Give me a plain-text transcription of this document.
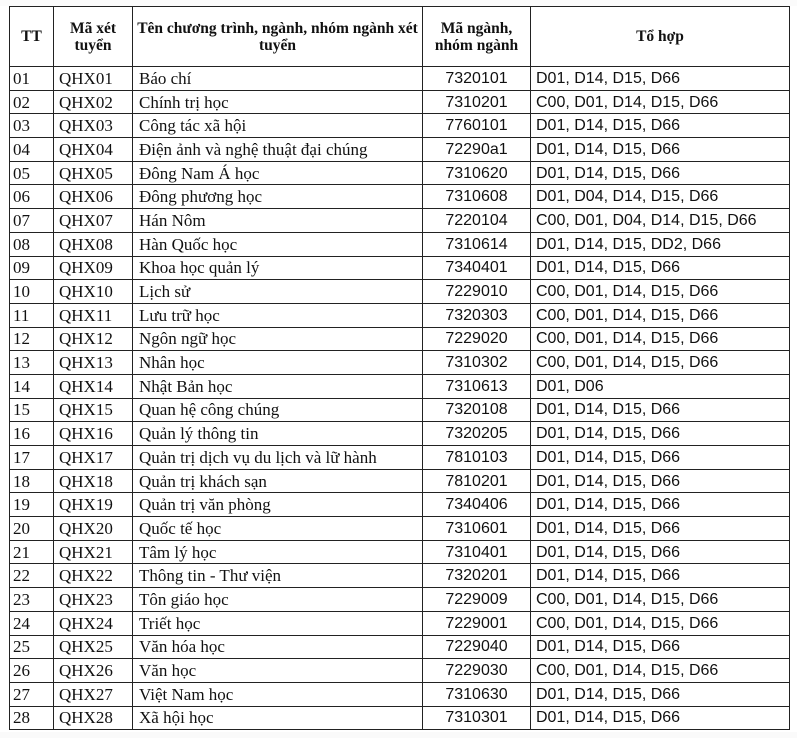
TT	Mã xét tuyển	Tên chương trình, ngành, nhóm ngành xét tuyển	Mã ngành, nhóm ngành	Tổ hợp
01	QHX01	Báo chí	7320101	D01, D14, D15, D66
02	QHX02	Chính trị học	7310201	C00, D01, D14, D15, D66
03	QHX03	Công tác xã hội	7760101	D01, D14, D15, D66
04	QHX04	Điện ảnh và nghệ thuật đại chúng	72290a1	D01, D14, D15, D66
05	QHX05	Đông Nam Á học	7310620	D01, D14, D15, D66
06	QHX06	Đông phương học	7310608	D01, D04, D14, D15, D66
07	QHX07	Hán Nôm	7220104	C00, D01, D04, D14, D15, D66
08	QHX08	Hàn Quốc học	7310614	D01, D14, D15, DD2, D66
09	QHX09	Khoa học quản lý	7340401	D01, D14, D15, D66
10	QHX10	Lịch sử	7229010	C00, D01, D14, D15, D66
11	QHX11	Lưu trữ học	7320303	C00, D01, D14, D15, D66
12	QHX12	Ngôn ngữ học	7229020	C00, D01, D14, D15, D66
13	QHX13	Nhân học	7310302	C00, D01, D14, D15, D66
14	QHX14	Nhật Bản học	7310613	D01, D06
15	QHX15	Quan hệ công chúng	7320108	D01, D14, D15, D66
16	QHX16	Quản lý thông tin	7320205	D01, D14, D15, D66
17	QHX17	Quản trị dịch vụ du lịch và lữ hành	7810103	D01, D14, D15, D66
18	QHX18	Quản trị khách sạn	7810201	D01, D14, D15, D66
19	QHX19	Quản trị văn phòng	7340406	D01, D14, D15, D66
20	QHX20	Quốc tế học	7310601	D01, D14, D15, D66
21	QHX21	Tâm lý học	7310401	D01, D14, D15, D66
22	QHX22	Thông tin - Thư viện	7320201	D01, D14, D15, D66
23	QHX23	Tôn giáo học	7229009	C00, D01, D14, D15, D66
24	QHX24	Triết học	7229001	C00, D01, D14, D15, D66
25	QHX25	Văn hóa học	7229040	D01, D14, D15, D66
26	QHX26	Văn học	7229030	C00, D01, D14, D15, D66
27	QHX27	Việt Nam học	7310630	D01, D14, D15, D66
28	QHX28	Xã hội học	7310301	D01, D14, D15, D66
